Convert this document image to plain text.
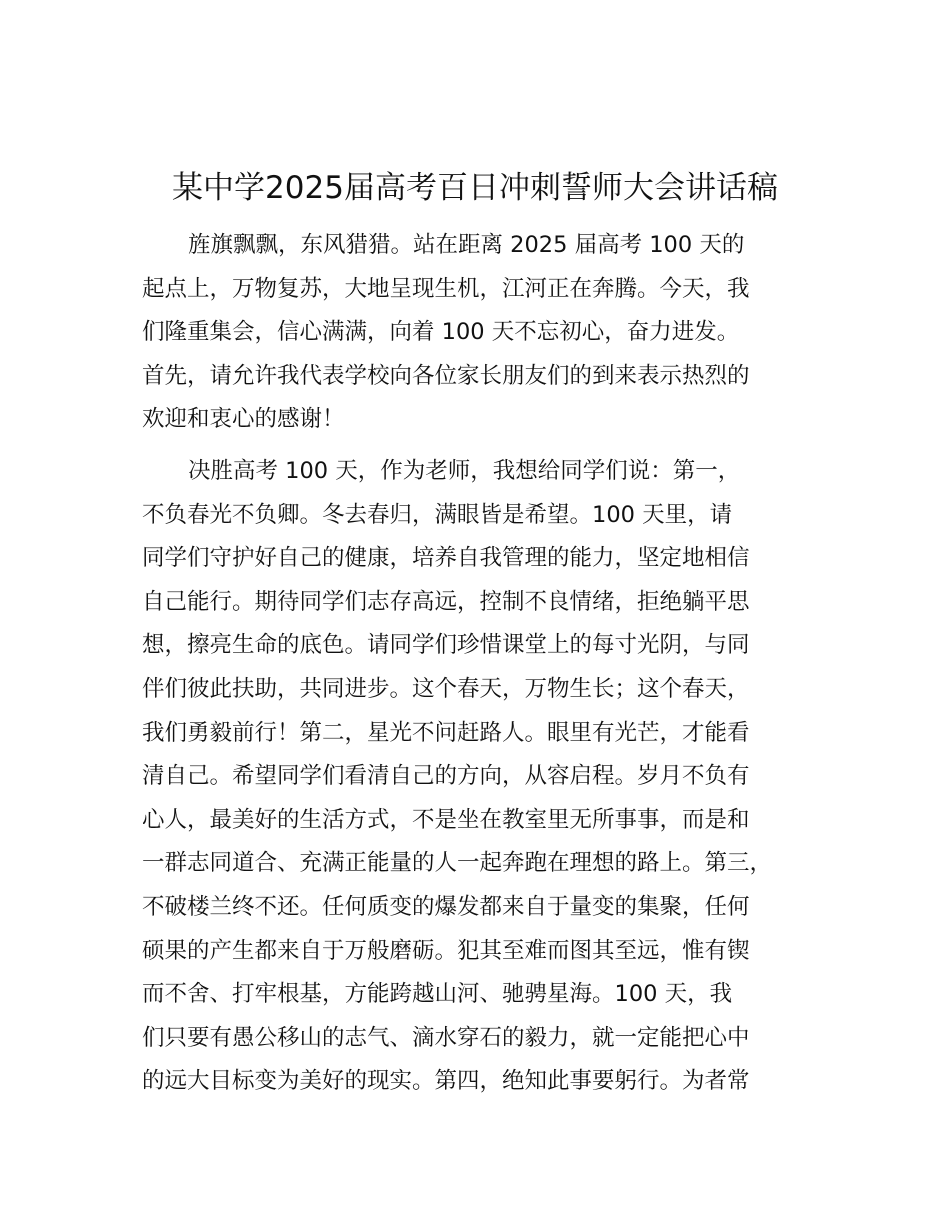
某中学2025届高考百日冲刺誓师大会讲话稿
旌旗飘飘，东风猎猎。站在距离 2025 届高考 100 天的
起点上，万物复苏，大地呈现生机，江河正在奔腾。今天，我
们隆重集会，信心满满，向着 100 天不忘初心，奋力进发。
首先，请允许我代表学校向各位家长朋友们的到来表示热烈的
欢迎和衷心的感谢！
决胜高考 100 天，作为老师，我想给同学们说：第一，
不负春光不负卿。冬去春归，满眼皆是希望。100 天里，请
同学们守护好自己的健康，培养自我管理的能力，坚定地相信
自己能行。期待同学们志存高远，控制不良情绪，拒绝躺平思
想，擦亮生命的底色。请同学们珍惜课堂上的每寸光阴，与同
伴们彼此扶助，共同进步。这个春天，万物生长；这个春天，
我们勇毅前行！第二，星光不问赶路人。眼里有光芒，才能看
清自己。希望同学们看清自己的方向，从容启程。岁月不负有
心人，最美好的生活方式，不是坐在教室里无所事事，而是和
一群志同道合、充满正能量的人一起奔跑在理想的路上。第三，
不破楼兰终不还。任何质变的爆发都来自于量变的集聚，任何
硕果的产生都来自于万般磨砺。犯其至难而图其至远，惟有锲
而不舍、打牢根基，方能跨越山河、驰骋星海。100 天，我
们只要有愚公移山的志气、滴水穿石的毅力，就一定能把心中
的远大目标变为美好的现实。第四，绝知此事要躬行。为者常
